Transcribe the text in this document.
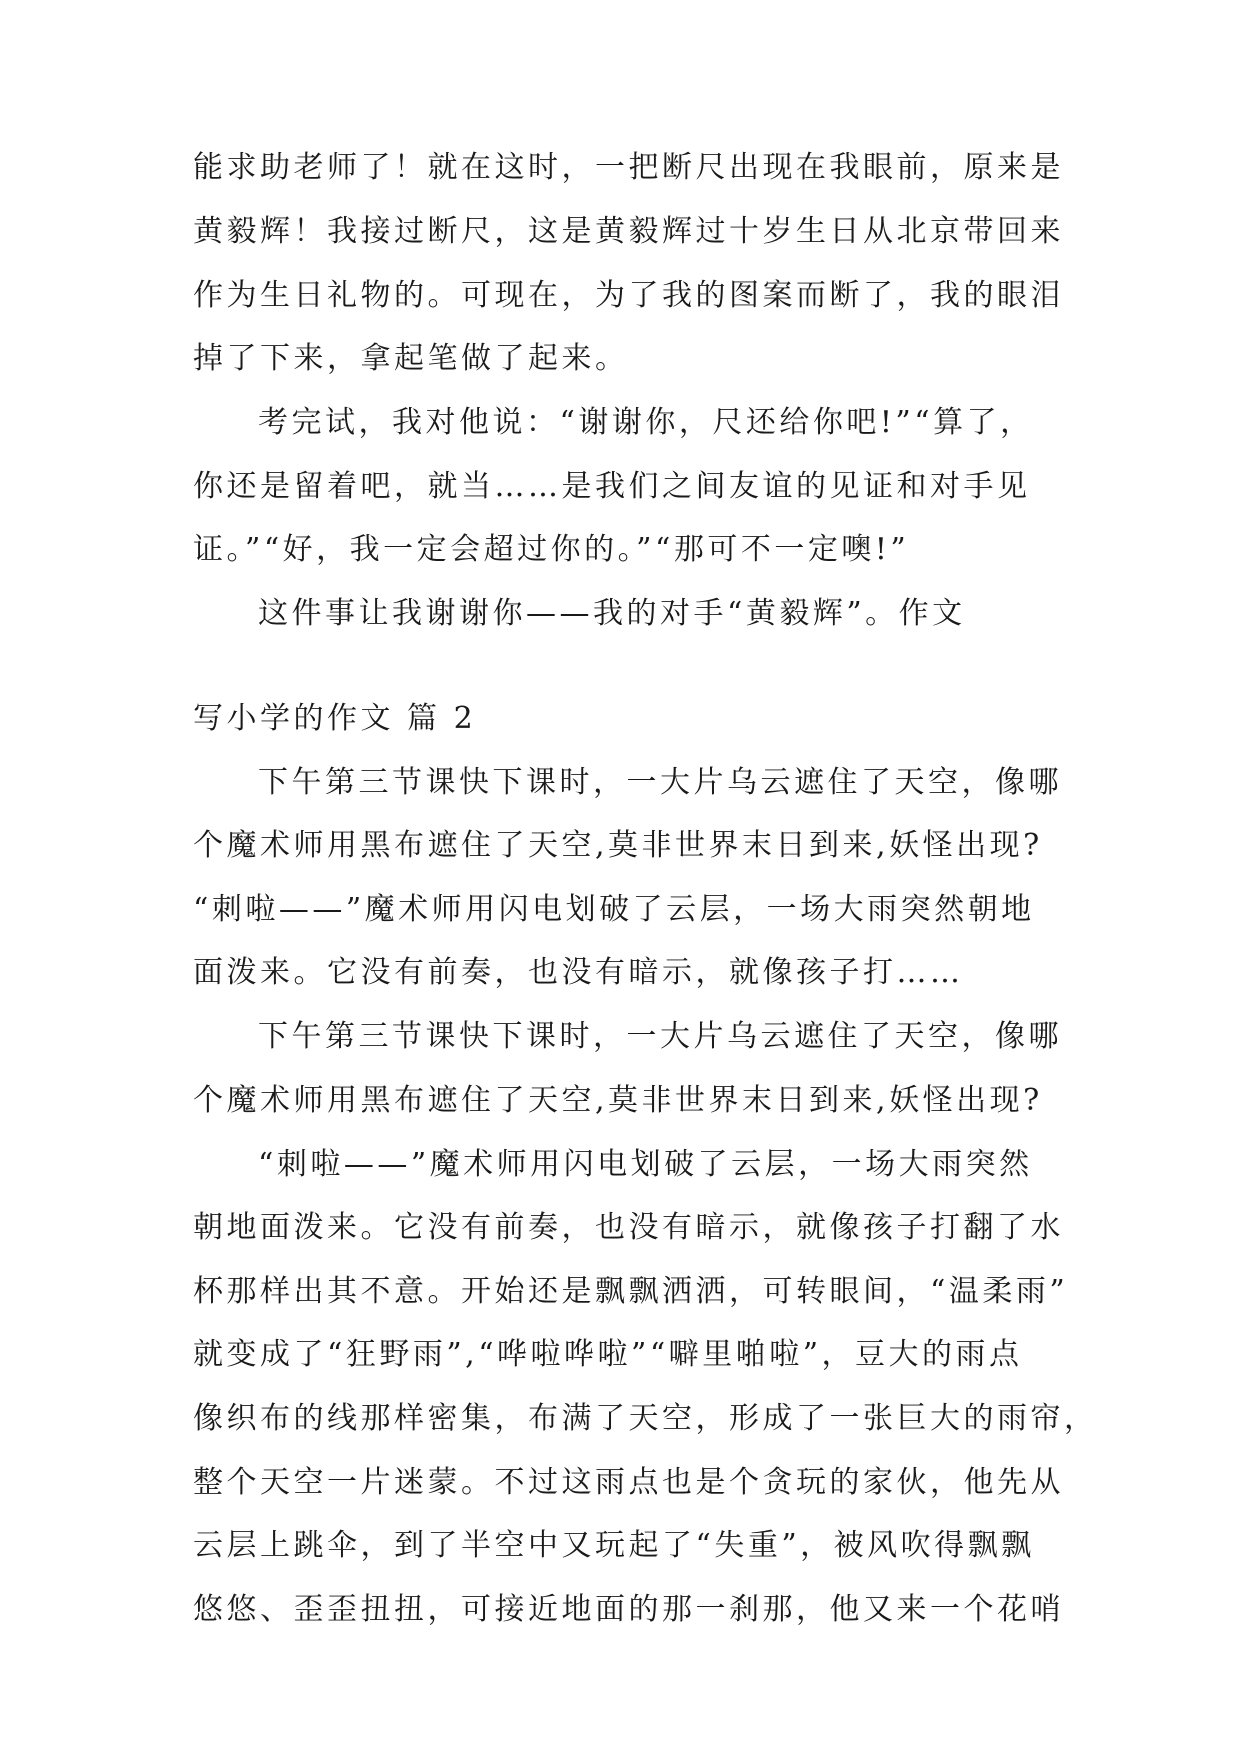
能求助老师了！就在这时，一把断尺出现在我眼前，原来是
黄毅辉！我接过断尺，这是黄毅辉过十岁生日从北京带回来
作为生日礼物的。可现在，为了我的图案而断了，我的眼泪
掉了下来，拿起笔做了起来。
考完试，我对他说：“谢谢你，尺还给你吧!”“算了，
你还是留着吧，就当……是我们之间友谊的见证和对手见
证。”“好，我一定会超过你的。”“那可不一定噢!”
这件事让我谢谢你——我的对手“黄毅辉”。作文
写小学的作文 篇 2
下午第三节课快下课时，一大片乌云遮住了天空，像哪
个魔术师用黑布遮住了天空,莫非世界末日到来,妖怪出现?
“刺啦——”魔术师用闪电划破了云层，一场大雨突然朝地
面泼来。它没有前奏，也没有暗示，就像孩子打……
下午第三节课快下课时，一大片乌云遮住了天空，像哪
个魔术师用黑布遮住了天空,莫非世界末日到来,妖怪出现?
“刺啦——”魔术师用闪电划破了云层，一场大雨突然
朝地面泼来。它没有前奏，也没有暗示，就像孩子打翻了水
杯那样出其不意。开始还是飘飘洒洒，可转眼间，“温柔雨”
就变成了“狂野雨”,“哗啦哗啦”“噼里啪啦”，豆大的雨点
像织布的线那样密集，布满了天空，形成了一张巨大的雨帘，
整个天空一片迷蒙。不过这雨点也是个贪玩的家伙，他先从
云层上跳伞，到了半空中又玩起了“失重”，被风吹得飘飘
悠悠、歪歪扭扭，可接近地面的那一刹那，他又来一个花哨
